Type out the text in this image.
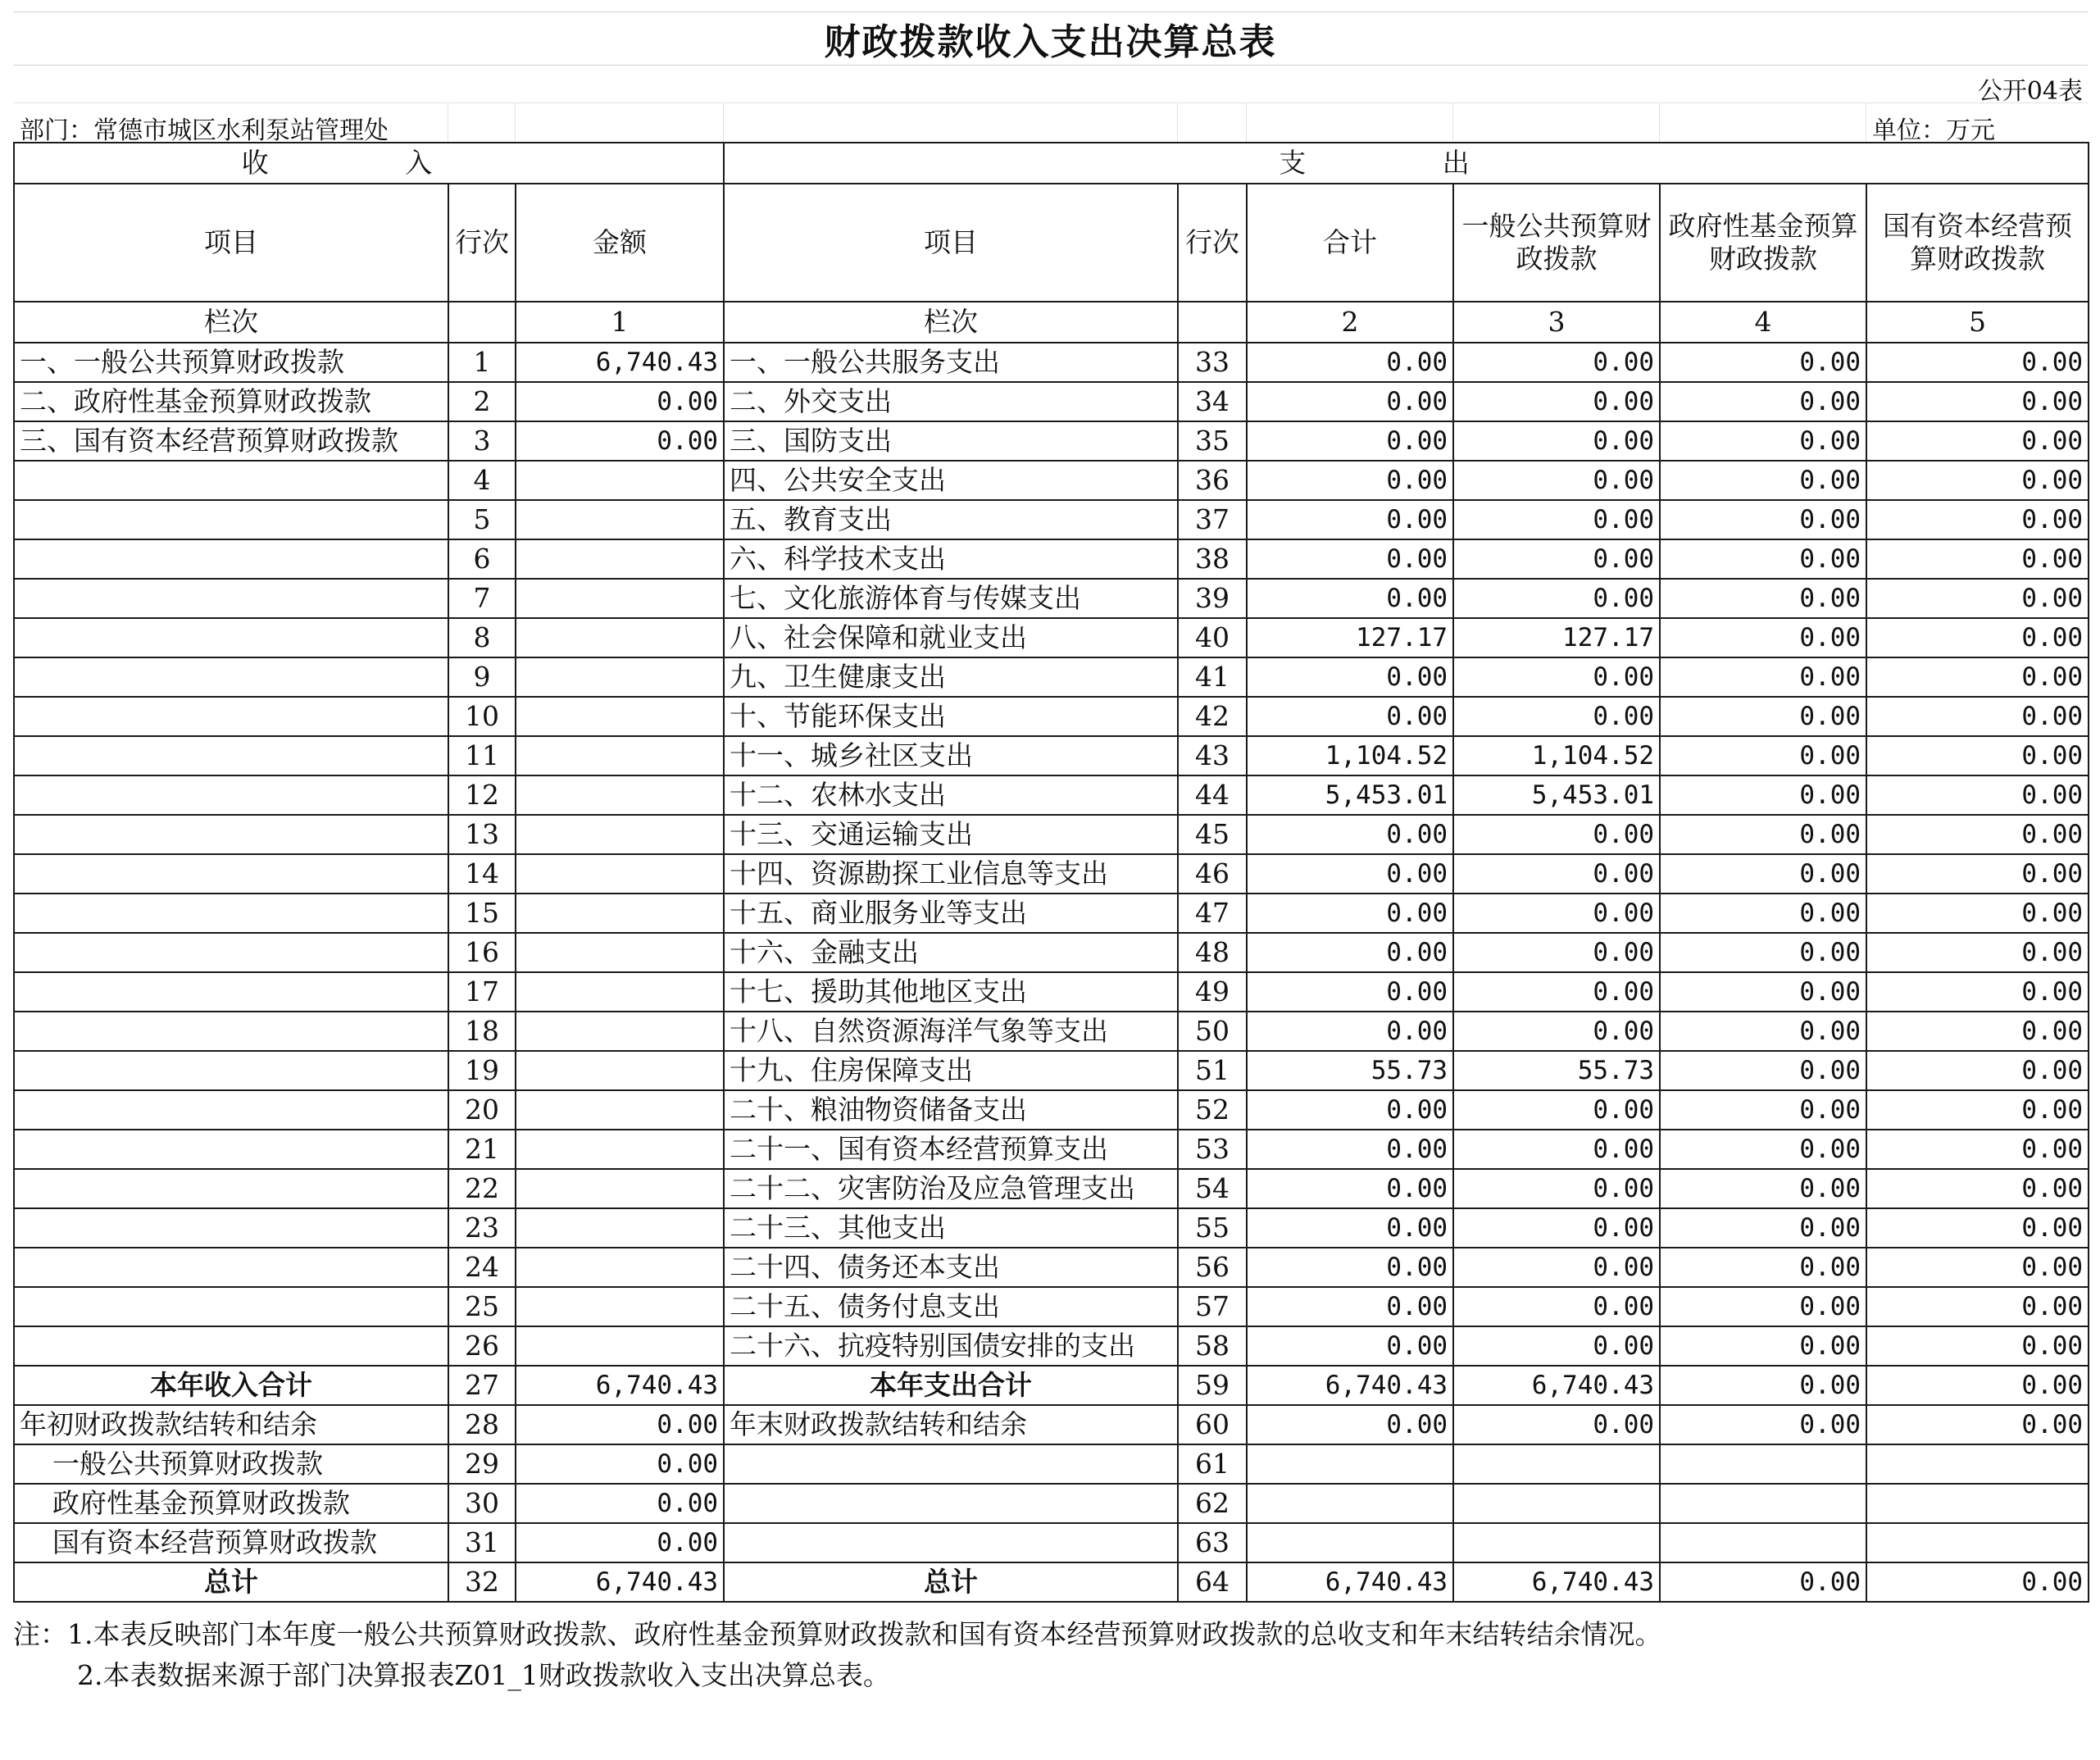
财政拨款收入支出决算总表
公开04表
部门：常德市城区水利泵站管理处	单位：万元
收 入			支 出					
项目	行次	金额	项目	行次	合计	一般公共预算财政拨款	政府性基金预算财政拨款	国有资本经营预算财政拨款
栏次		1	栏次		2	3	4	5
一、一般公共预算财政拨款	1	6,740.43	一、一般公共服务支出	33	0.00	0.00	0.00	0.00
二、政府性基金预算财政拨款	2	0.00	二、外交支出	34	0.00	0.00	0.00	0.00
三、国有资本经营预算财政拨款	3	0.00	三、国防支出	35	0.00	0.00	0.00	0.00
	4		四、公共安全支出	36	0.00	0.00	0.00	0.00
	5		五、教育支出	37	0.00	0.00	0.00	0.00
	6		六、科学技术支出	38	0.00	0.00	0.00	0.00
	7		七、文化旅游体育与传媒支出	39	0.00	0.00	0.00	0.00
	8		八、社会保障和就业支出	40	127.17	127.17	0.00	0.00
	9		九、卫生健康支出	41	0.00	0.00	0.00	0.00
	10		十、节能环保支出	42	0.00	0.00	0.00	0.00
	11		十一、城乡社区支出	43	1,104.52	1,104.52	0.00	0.00
	12		十二、农林水支出	44	5,453.01	5,453.01	0.00	0.00
	13		十三、交通运输支出	45	0.00	0.00	0.00	0.00
	14		十四、资源勘探工业信息等支出	46	0.00	0.00	0.00	0.00
	15		十五、商业服务业等支出	47	0.00	0.00	0.00	0.00
	16		十六、金融支出	48	0.00	0.00	0.00	0.00
	17		十七、援助其他地区支出	49	0.00	0.00	0.00	0.00
	18		十八、自然资源海洋气象等支出	50	0.00	0.00	0.00	0.00
	19		十九、住房保障支出	51	55.73	55.73	0.00	0.00
	20		二十、粮油物资储备支出	52	0.00	0.00	0.00	0.00
	21		二十一、国有资本经营预算支出	53	0.00	0.00	0.00	0.00
	22		二十二、灾害防治及应急管理支出	54	0.00	0.00	0.00	0.00
	23		二十三、其他支出	55	0.00	0.00	0.00	0.00
	24		二十四、债务还本支出	56	0.00	0.00	0.00	0.00
	25		二十五、债务付息支出	57	0.00	0.00	0.00	0.00
	26		二十六、抗疫特别国债安排的支出	58	0.00	0.00	0.00	0.00
本年收入合计	27	6,740.43	本年支出合计	59	6,740.43	6,740.43	0.00	0.00
年初财政拨款结转和结余	28	0.00	年末财政拨款结转和结余	60	0.00	0.00	0.00	0.00
一般公共预算财政拨款	29	0.00		61				
政府性基金预算财政拨款	30	0.00		62				
国有资本经营预算财政拨款	31	0.00		63				
总计	32	6,740.43	总计	64	6,740.43	6,740.43	0.00	0.00
注：1.本表反映部门本年度一般公共预算财政拨款、政府性基金预算财政拨款和国有资本经营预算财政拨款的总收支和年末结转结余情况。
2.本表数据来源于部门决算报表Z01_1财政拨款收入支出决算总表。
